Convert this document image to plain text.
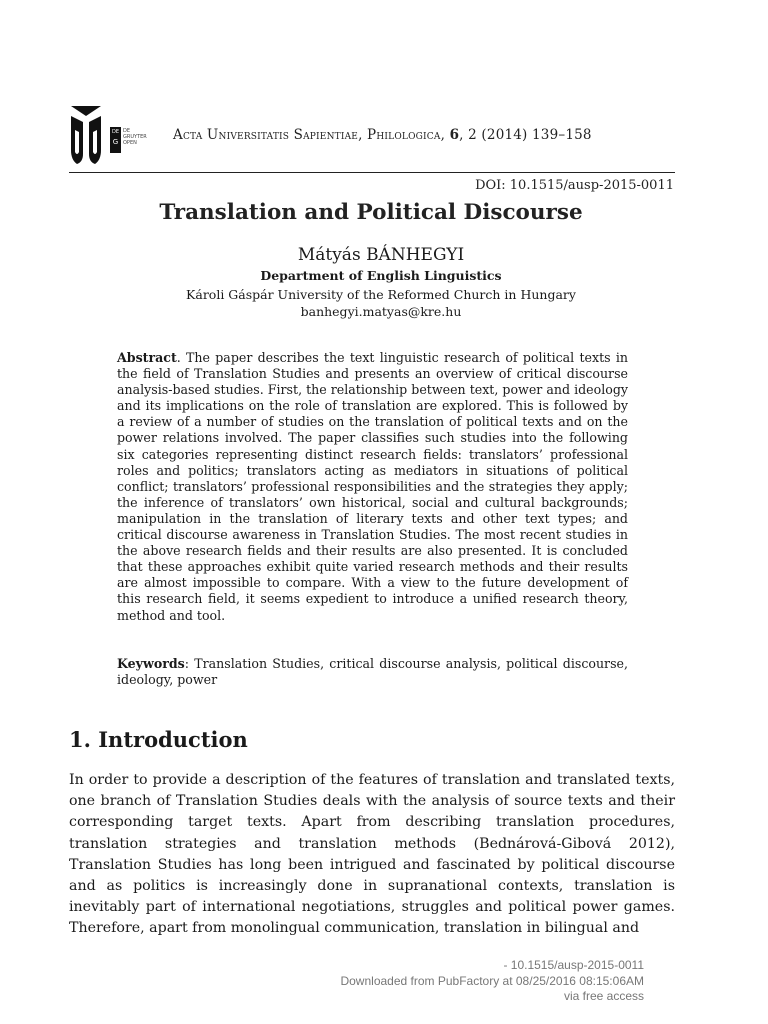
DE
G
DE
GRUYTER
OPEN	Acta Universitatis Sapientiae, Philologica, 6, 2 (2014) 139–158
DOI: 10.1515/ausp-2015-0011
Translation and Political Discourse
Mátyás BÁNHEGYI
Department of English Linguistics
Károli Gáspár University of the Reformed Church in Hungary
banhegyi.matyas@kre.hu
Abstract. The paper describes the text linguistic research of political texts in the field of Translation Studies and presents an overview of critical discourse analysis-based studies. First, the relationship between text, power and ideology and its implications on the role of translation are explored. This is followed by a review of a number of studies on the translation of political texts and on the power relations involved. The paper classifies such studies into the following six categories representing distinct research fields: translators’ professional roles and politics; translators acting as mediators in situations of political conflict; translators’ professional responsibilities and the strategies they apply; the inference of translators’ own historical, social and cultural backgrounds; manipulation in the translation of literary texts and other text types; and critical discourse awareness in Translation Studies. The most recent studies in the above research fields and their results are also presented. It is concluded that these approaches exhibit quite varied research methods and their results are almost impossible to compare. With a view to the future development of this research field, it seems expedient to introduce a unified research theory, method and tool.
Keywords: Translation Studies, critical discourse analysis, political discourse, ideology, power
1. Introduction
In order to provide a description of the features of translation and translated texts, one branch of Translation Studies deals with the analysis of source texts and their corresponding target texts. Apart from describing translation procedures, translation strategies and translation methods (Bednárová-Gibová 2012), Translation Studies has long been intrigued and fascinated by political discourse and as politics is increasingly done in supranational contexts, translation is inevitably part of international negotiations, struggles and political power games. Therefore, apart from monolingual communication, translation in bilingual and
- 10.1515/ausp-2015-0011
Downloaded from PubFactory at 08/25/2016 08:15:06AM
via free access
